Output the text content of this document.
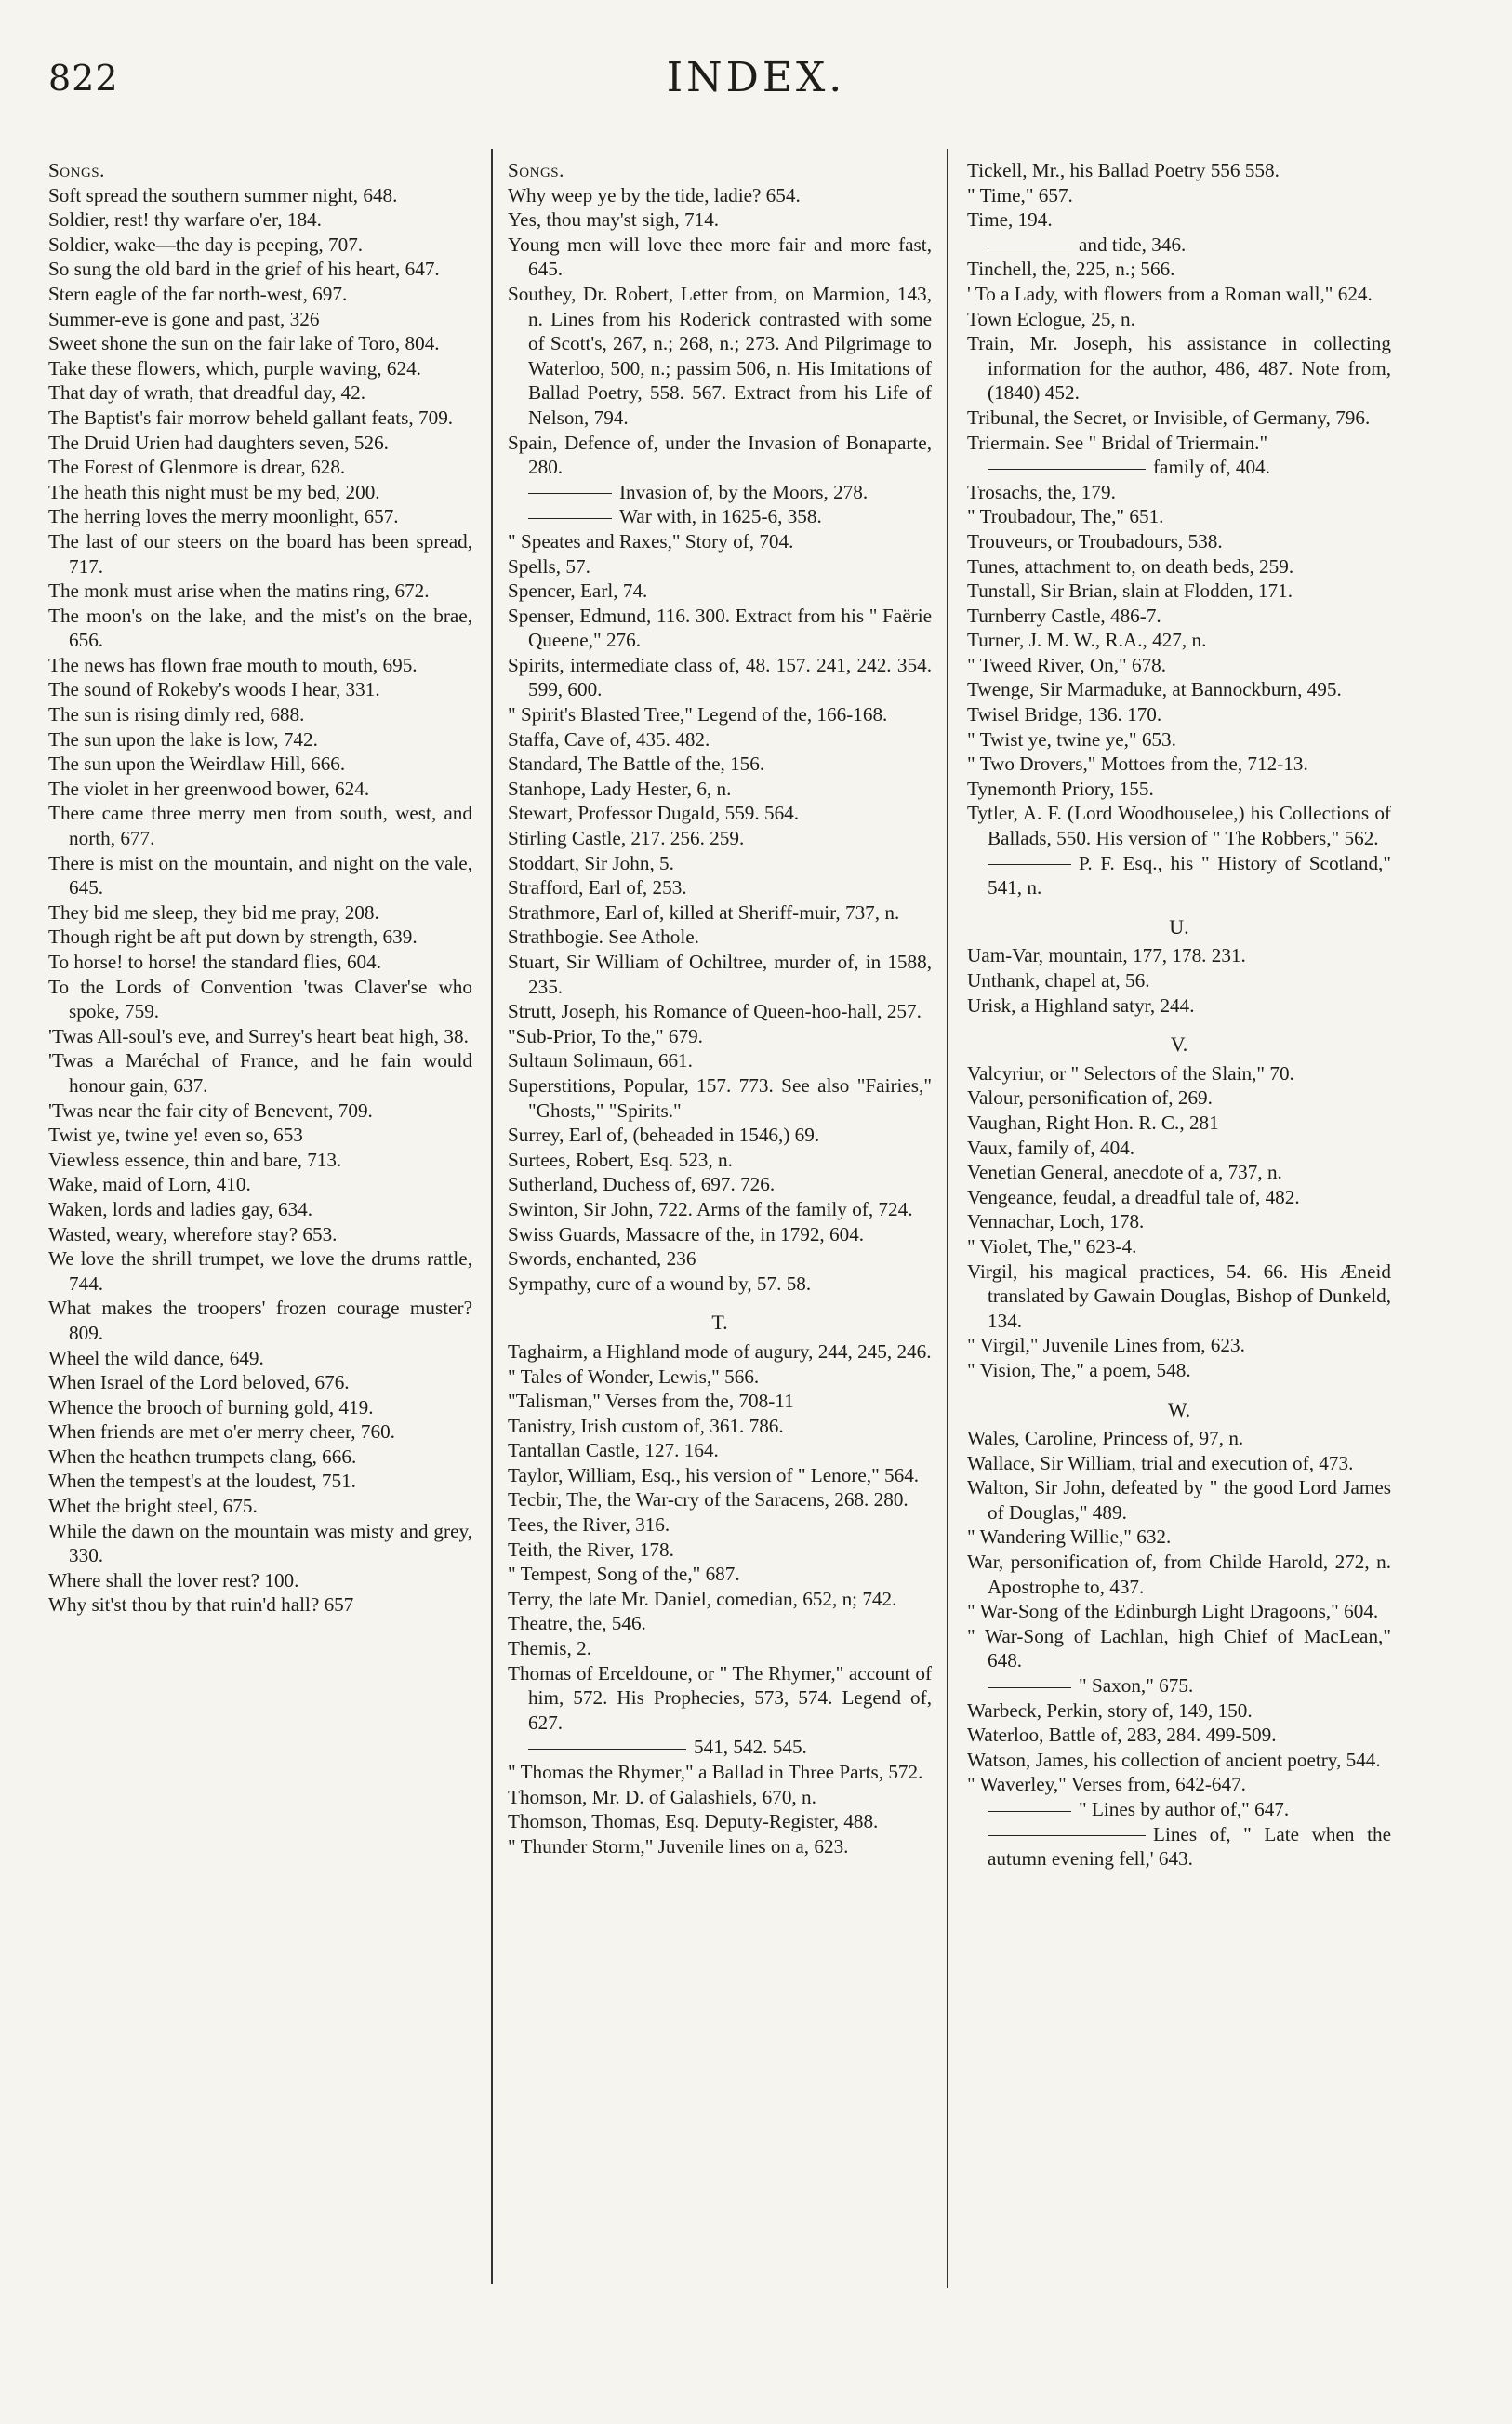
822	INDEX.

Songs.

Soft spread the southern summer night, 648.

Soldier, rest! thy warfare o'er, 184.

Soldier, wake—the day is peeping, 707.

So sung the old bard in the grief of his heart, 647.

Stern eagle of the far north-west, 697.

Summer-eve is gone and past, 326

Sweet shone the sun on the fair lake of Toro, 804.

Take these flowers, which, purple waving, 624.

That day of wrath, that dreadful day, 42.

The Baptist's fair morrow beheld gallant feats, 709.

The Druid Urien had daughters seven, 526.

The Forest of Glenmore is drear, 628.

The heath this night must be my bed, 200.

The herring loves the merry moonlight, 657.

The last of our steers on the board has been spread, 717.

The monk must arise when the matins ring, 672.

The moon's on the lake, and the mist's on the brae, 656.

The news has flown frae mouth to mouth, 695.

The sound of Rokeby's woods I hear, 331.

The sun is rising dimly red, 688.

The sun upon the lake is low, 742.

The sun upon the Weirdlaw Hill, 666.

The violet in her greenwood bower, 624.

There came three merry men from south, west, and north, 677.

There is mist on the mountain, and night on the vale, 645.

They bid me sleep, they bid me pray, 208.

Though right be aft put down by strength, 639.

To horse! to horse! the standard flies, 604.

To the Lords of Convention 'twas Claver'se who spoke, 759.

'Twas All-soul's eve, and Surrey's heart beat high, 38.

'Twas a Maréchal of France, and he fain would honour gain, 637.

'Twas near the fair city of Benevent, 709.

Twist ye, twine ye! even so, 653

Viewless essence, thin and bare, 713.

Wake, maid of Lorn, 410.

Waken, lords and ladies gay, 634.

Wasted, weary, wherefore stay? 653.

We love the shrill trumpet, we love the drums rattle, 744.

What makes the troopers' frozen courage muster? 809.

Wheel the wild dance, 649.

When Israel of the Lord beloved, 676.

Whence the brooch of burning gold, 419.

When friends are met o'er merry cheer, 760.

When the heathen trumpets clang, 666.

When the tempest's at the loudest, 751.

Whet the bright steel, 675.

While the dawn on the mountain was misty and grey, 330.

Where shall the lover rest? 100.

Why sit'st thou by that ruin'd hall? 657

Songs.

Why weep ye by the tide, ladie? 654.

Yes, thou may'st sigh, 714.

Young men will love thee more fair and more fast, 645.

Southey, Dr. Robert, Letter from, on Marmion, 143, n. Lines from his Roderick contrasted with some of Scott's, 267, n.; 268, n.; 273. And Pilgrimage to Waterloo, 500, n.; passim 506, n. His Imitations of Ballad Poetry, 558. 567. Extract from his Life of Nelson, 794.

Spain, Defence of, under the Invasion of Bonaparte, 280.

Invasion of, by the Moors, 278.

War with, in 1625-6, 358.

" Speates and Raxes," Story of, 704.

Spells, 57.

Spencer, Earl, 74.

Spenser, Edmund, 116. 300. Extract from his " Faërie Queene," 276.

Spirits, intermediate class of, 48. 157. 241, 242. 354. 599, 600.

" Spirit's Blasted Tree," Legend of the, 166-168.

Staffa, Cave of, 435. 482.

Standard, The Battle of the, 156.

Stanhope, Lady Hester, 6, n.

Stewart, Professor Dugald, 559. 564.

Stirling Castle, 217. 256. 259.

Stoddart, Sir John, 5.

Strafford, Earl of, 253.

Strathmore, Earl of, killed at Sheriff-muir, 737, n.

Strathbogie. See Athole.

Stuart, Sir William of Ochiltree, murder of, in 1588, 235.

Strutt, Joseph, his Romance of Queen-hoo-hall, 257.

"Sub-Prior, To the," 679.

Sultaun Solimaun, 661.

Superstitions, Popular, 157. 773. See also "Fairies," "Ghosts," "Spirits."

Surrey, Earl of, (beheaded in 1546,) 69.

Surtees, Robert, Esq. 523, n.

Sutherland, Duchess of, 697. 726.

Swinton, Sir John, 722. Arms of the family of, 724.

Swiss Guards, Massacre of the, in 1792, 604.

Swords, enchanted, 236

Sympathy, cure of a wound by, 57. 58.

T.

Taghairm, a Highland mode of augury, 244, 245, 246.

" Tales of Wonder, Lewis," 566.

"Talisman," Verses from the, 708-11

Tanistry, Irish custom of, 361. 786.

Tantallan Castle, 127. 164.

Taylor, William, Esq., his version of " Lenore," 564.

Tecbir, The, the War-cry of the Saracens, 268. 280.

Tees, the River, 316.

Teith, the River, 178.

" Tempest, Song of the," 687.

Terry, the late Mr. Daniel, comedian, 652, n; 742.

Theatre, the, 546.

Themis, 2.

Thomas of Erceldoune, or " The Rhymer," account of him, 572. His Prophecies, 573, 574. Legend of, 627.

541, 542. 545.

" Thomas the Rhymer," a Ballad in Three Parts, 572.

Thomson, Mr. D. of Galashiels, 670, n.

Thomson, Thomas, Esq. Deputy-Register, 488.

" Thunder Storm," Juvenile lines on a, 623.

Tickell, Mr., his Ballad Poetry 556 558.

" Time," 657.

Time, 194.

and tide, 346.

Tinchell, the, 225, n.; 566.

' To a Lady, with flowers from a Roman wall," 624.

Town Eclogue, 25, n.

Train, Mr. Joseph, his assistance in collecting information for the author, 486, 487. Note from, (1840) 452.

Tribunal, the Secret, or Invisible, of Germany, 796.

Triermain. See " Bridal of Triermain."

family of, 404.

Trosachs, the, 179.

" Troubadour, The," 651.

Trouveurs, or Troubadours, 538.

Tunes, attachment to, on death beds, 259.

Tunstall, Sir Brian, slain at Flodden, 171.

Turnberry Castle, 486-7.

Turner, J. M. W., R.A., 427, n.

" Tweed River, On," 678.

Twenge, Sir Marmaduke, at Bannockburn, 495.

Twisel Bridge, 136. 170.

" Twist ye, twine ye," 653.

" Two Drovers," Mottoes from the, 712-13.

Tynemonth Priory, 155.

Tytler, A. F. (Lord Woodhouselee,) his Collections of Ballads, 550. His version of " The Robbers," 562.

P. F. Esq., his " History of Scotland," 541, n.

U.

Uam-Var, mountain, 177, 178. 231.

Unthank, chapel at, 56.

Urisk, a Highland satyr, 244.

V.

Valcyriur, or " Selectors of the Slain," 70.

Valour, personification of, 269.

Vaughan, Right Hon. R. C., 281

Vaux, family of, 404.

Venetian General, anecdote of a, 737, n.

Vengeance, feudal, a dreadful tale of, 482.

Vennachar, Loch, 178.

" Violet, The," 623-4.

Virgil, his magical practices, 54. 66. His Æneid translated by Gawain Douglas, Bishop of Dunkeld, 134.

" Virgil," Juvenile Lines from, 623.

" Vision, The," a poem, 548.

W.

Wales, Caroline, Princess of, 97, n.

Wallace, Sir William, trial and execution of, 473.

Walton, Sir John, defeated by " the good Lord James of Douglas," 489.

" Wandering Willie," 632.

War, personification of, from Childe Harold, 272, n. Apostrophe to, 437.

" War-Song of the Edinburgh Light Dragoons," 604.

" War-Song of Lachlan, high Chief of MacLean," 648.

" Saxon," 675.

Warbeck, Perkin, story of, 149, 150.

Waterloo, Battle of, 283, 284. 499-509.

Watson, James, his collection of ancient poetry, 544.

" Waverley," Verses from, 642-647.

" Lines by author of," 647.

Lines of, " Late when the autumn evening fell,' 643.
